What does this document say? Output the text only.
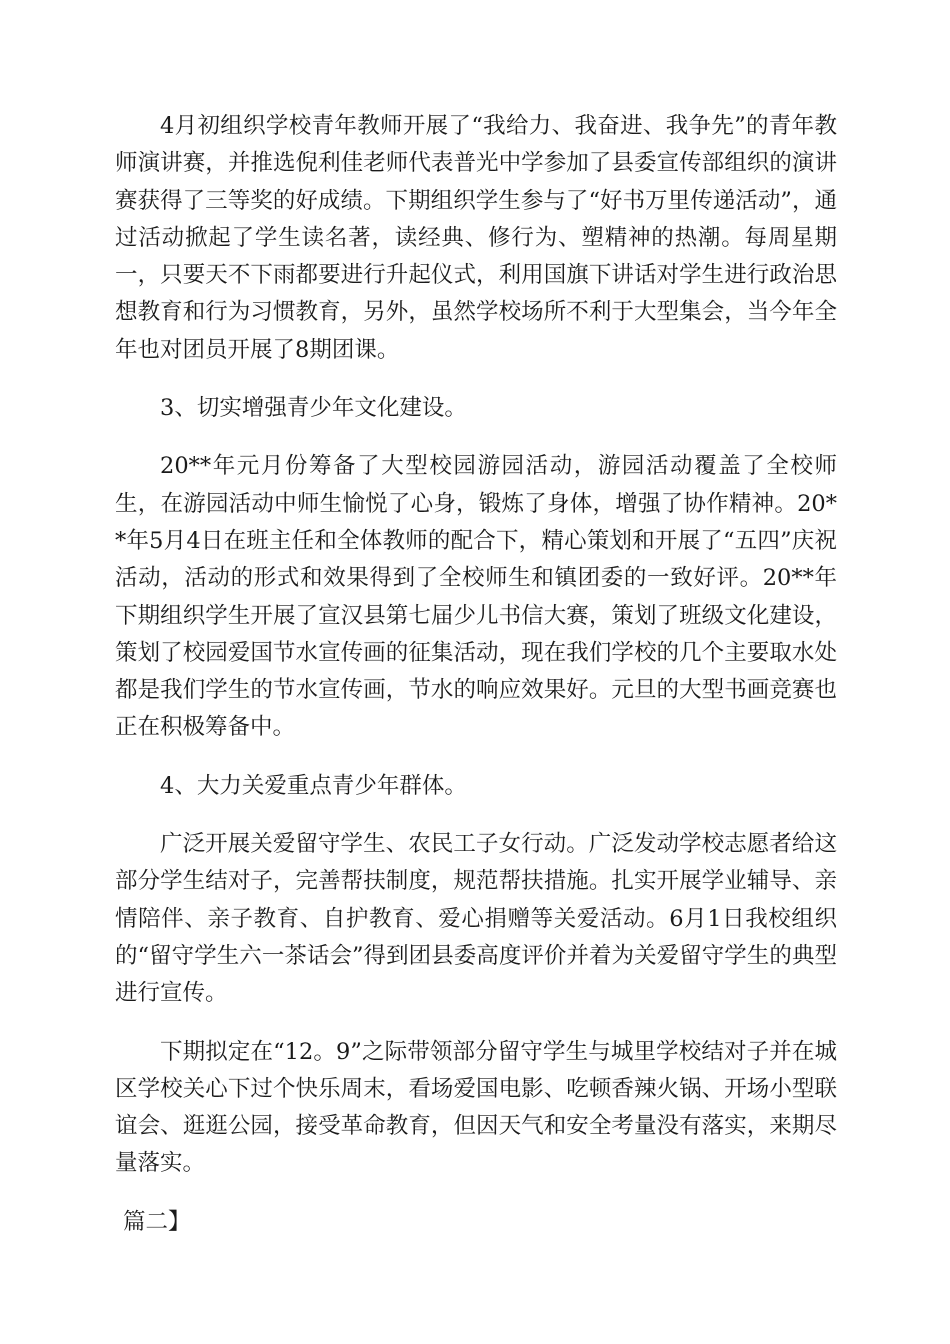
4月初组织学校青年教师开展了“我给力、我奋进、我争先”的青年教师演讲赛，并推选倪利佳老师代表普光中学参加了县委宣传部组织的演讲赛获得了三等奖的好成绩。下期组织学生参与了“好书万里传递活动”，通过活动掀起了学生读名著，读经典、修行为、塑精神的热潮。每周星期一，只要天不下雨都要进行升起仪式，利用国旗下讲话对学生进行政治思想教育和行为习惯教育，另外，虽然学校场所不利于大型集会，当今年全年也对团员开展了8期团课。

3、切实增强青少年文化建设。

20**年元月份筹备了大型校园游园活动，游园活动覆盖了全校师生，在游园活动中师生愉悦了心身，锻炼了身体，增强了协作精神。20**年5月4日在班主任和全体教师的配合下，精心策划和开展了“五四”庆祝活动，活动的形式和效果得到了全校师生和镇团委的一致好评。20**年下期组织学生开展了宣汉县第七届少儿书信大赛，策划了班级文化建设，策划了校园爱国节水宣传画的征集活动，现在我们学校的几个主要取水处都是我们学生的节水宣传画，节水的响应效果好。元旦的大型书画竞赛也正在积极筹备中。

4、大力关爱重点青少年群体。

广泛开展关爱留守学生、农民工子女行动。广泛发动学校志愿者给这部分学生结对子，完善帮扶制度，规范帮扶措施。扎实开展学业辅导、亲情陪伴、亲子教育、自护教育、爱心捐赠等关爱活动。6月1日我校组织的“留守学生六一茶话会”得到团县委高度评价并着为关爱留守学生的典型进行宣传。

下期拟定在“12。9”之际带领部分留守学生与城里学校结对子并在城区学校关心下过个快乐周末，看场爱国电影、吃顿香辣火锅、开场小型联谊会、逛逛公园，接受革命教育，但因天气和安全考量没有落实，来期尽量落实。

篇二】
